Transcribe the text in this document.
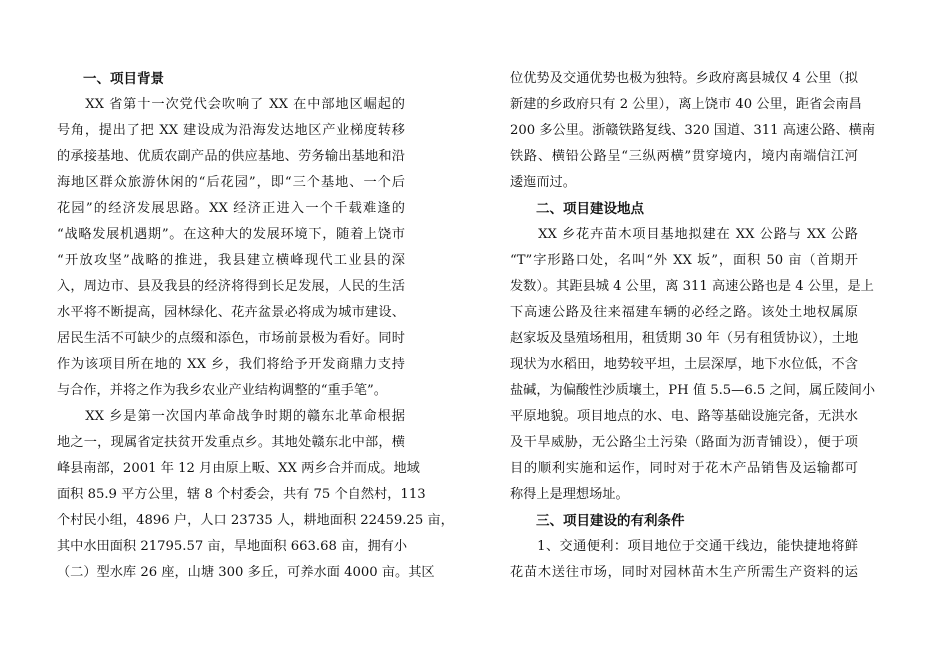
一、项目背景
　　XX 省第十一次党代会吹响了 XX 在中部地区崛起的
号角，提出了把 XX 建设成为沿海发达地区产业梯度转移
的承接基地、优质农副产品的供应基地、劳务输出基地和沿
海地区群众旅游休闲的“后花园”，即“三个基地、一个后
花园”的经济发展思路。XX 经济正进入一个千载难逢的
“战略发展机遇期”。在这种大的发展环境下，随着上饶市
“开放攻坚”战略的推进，我县建立横峰现代工业县的深
入，周边市、县及我县的经济将得到长足发展，人民的生活
水平将不断提高，园林绿化、花卉盆景必将成为城市建设、
居民生活不可缺少的点缀和添色，市场前景极为看好。同时
作为该项目所在地的 XX 乡，我们将给予开发商鼎力支持
与合作，并将之作为我乡农业产业结构调整的“重手笔”。
　　XX 乡是第一次国内革命战争时期的赣东北革命根据
地之一，现属省定扶贫开发重点乡。其地处赣东北中部，横
峰县南部，2001 年 12 月由原上畈、XX 两乡合并而成。地域
面积 85.9 平方公里，辖 8 个村委会，共有 75 个自然村，113
个村民小组，4896 户，人口 23735 人，耕地面积 22459.25 亩，
其中水田面积 21795.57 亩，旱地面积 663.68 亩，拥有小
（二）型水库 26 座，山塘 300 多丘，可养水面 4000 亩。其区
位优势及交通优势也极为独特。乡政府离县城仅 4 公里（拟
新建的乡政府只有 2 公里），离上饶市 40 公里，距省会南昌
200 多公里。浙赣铁路复线、320 国道、311 高速公路、横南
铁路、横铅公路呈“三纵两横”贯穿境内，境内南端信江河
逶迤而过。
二、项目建设地点
　　XX 乡花卉苗木项目基地拟建在 XX 公路与 XX 公路
“T”字形路口处，名叫“外 XX 坂”，面积 50 亩（首期开
发数）。其距县城 4 公里，离 311 高速公路也是 4 公里，是上
下高速公路及往来福建车辆的必经之路。该处土地权属原
赵家坂及垦殖场租用，租赁期 30 年（另有租赁协议），土地
现状为水稻田，地势较平坦，土层深厚，地下水位低，不含
盐碱，为偏酸性沙质壤土，PH 值 5.5—6.5 之间，属丘陵间小
平原地貌。项目地点的水、电、路等基础设施完备，无洪水
及干旱威胁，无公路尘土污染（路面为沥青铺设），便于项
目的顺利实施和运作，同时对于花木产品销售及运输都可
称得上是理想场址。
三、项目建设的有利条件
　　1、交通便利：项目地位于交通干线边，能快捷地将鲜
花苗木送往市场，同时对园林苗木生产所需生产资料的运
